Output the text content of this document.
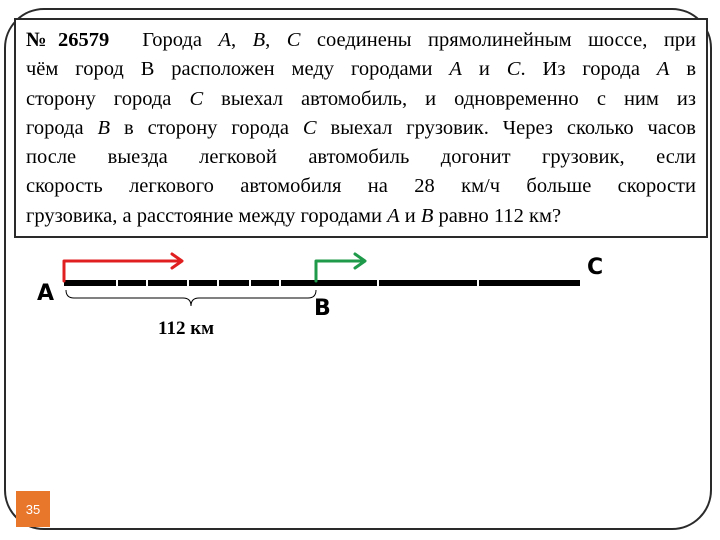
№26579 Города A, B, C соединены прямолинейным шоссе, при
чём город В расположен меду городами A и C. Из города A в
сторону города C выехал автомобиль, и одновременно с ним из
города B в сторону города C выехал грузовик. Через сколько часов
после выезда легковой автомобиль догонит грузовик, если
скорость легкового автомобиля на 28 км/ч больше скорости
грузовика, а расстояние между городами A и B равно 112 км?
A
B
C
112 км
35
